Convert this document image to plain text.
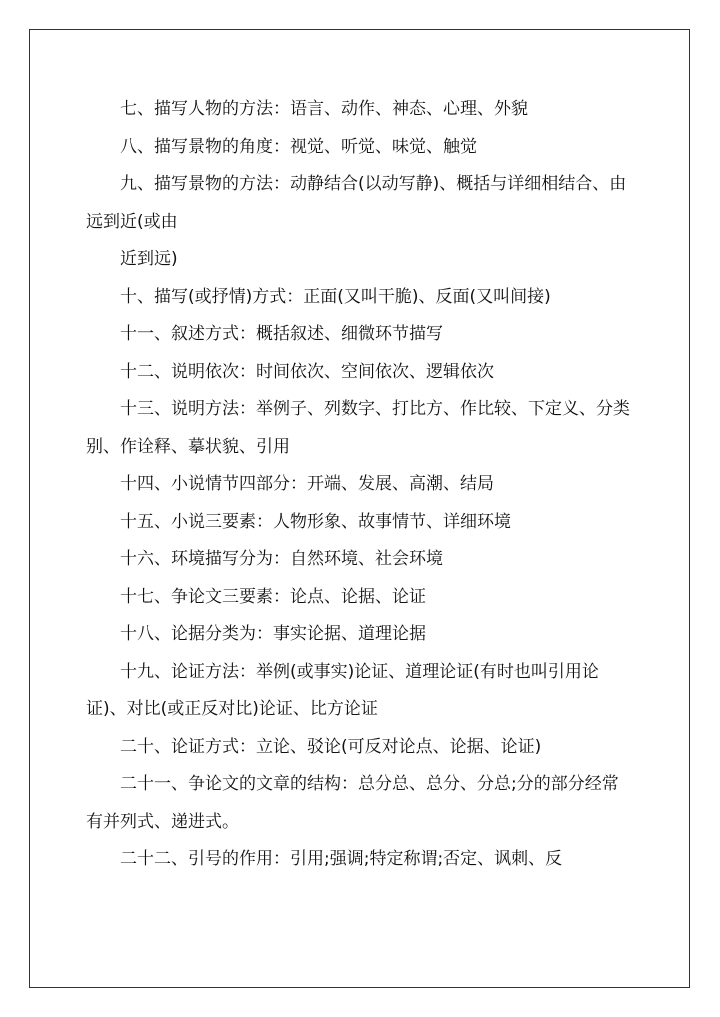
七、描写人物的方法：语言、动作、神态、心理、外貌

八、描写景物的角度：视觉、听觉、味觉、触觉

九、描写景物的方法：动静结合(以动写静)、概括与详细相结合、由远到近(或由

近到远)

十、描写(或抒情)方式：正面(又叫干脆)、反面(又叫间接)

十一、叙述方式：概括叙述、细微环节描写

十二、说明依次：时间依次、空间依次、逻辑依次

十三、说明方法：举例子、列数字、打比方、作比较、下定义、分类别、作诠释、摹状貌、引用

十四、小说情节四部分：开端、发展、高潮、结局

十五、小说三要素：人物形象、故事情节、详细环境

十六、环境描写分为：自然环境、社会环境

十七、争论文三要素：论点、论据、论证

十八、论据分类为：事实论据、道理论据

十九、论证方法：举例(或事实)论证、道理论证(有时也叫引用论证)、对比(或正反对比)论证、比方论证

二十、论证方式：立论、驳论(可反对论点、论据、论证)

二十一、争论文的文章的结构：总分总、总分、分总;分的部分经常有并列式、递进式。

二十二、引号的作用：引用;强调;特定称谓;否定、讽刺、反
